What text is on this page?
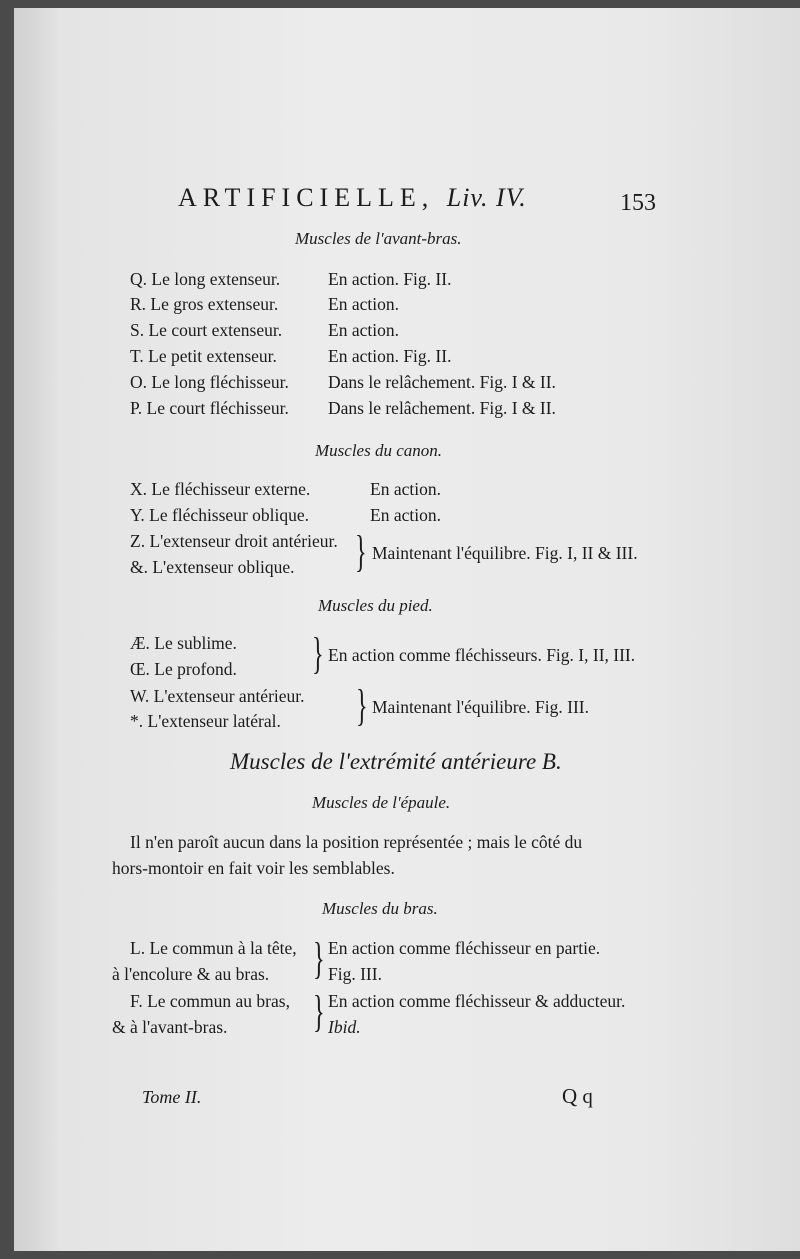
ARTIFICIELLE, Liv. IV.	153
Muscles de l'avant-bras.
Q. Le long extenseur.	En action. Fig. II.
R. Le gros extenseur.	En action.
S. Le court extenseur.	En action.
T. Le petit extenseur.	En action. Fig. II.
O. Le long fléchisseur. Dans le relâchement. Fig. I & II.
P. Le court fléchisseur. Dans le relâchement. Fig. I & II.
Muscles du canon.
X. Le fléchisseur externe.	En action.
Y. Le fléchisseur oblique.	En action.
Z. L'extenseur droit antérieur.
&. L'extenseur oblique. } Maintenant l'équilibre. Fig. I, II & III.
Muscles du pied.
Æ. Le sublime.
Œ. Le profond. } En action comme fléchisseurs. Fig. I, II, III.
W. L'extenseur antérieur.
*. L'extenseur latéral. } Maintenant l'équilibre. Fig. III.
Muscles de l'extrémité antérieure B.
Muscles de l'épaule.
Il n'en paroît aucun dans la position représentée ; mais le côté du
hors-montoir en fait voir les semblables.
Muscles du bras.
L. Le commun à la tête,
à l'encolure & au bras. } En action comme fléchisseur en partie.
Fig. III.
F. Le commun au bras,
& à l'avant-bras. } En action comme fléchisseur & adducteur.
Ibid.
Tome II.	Q q
